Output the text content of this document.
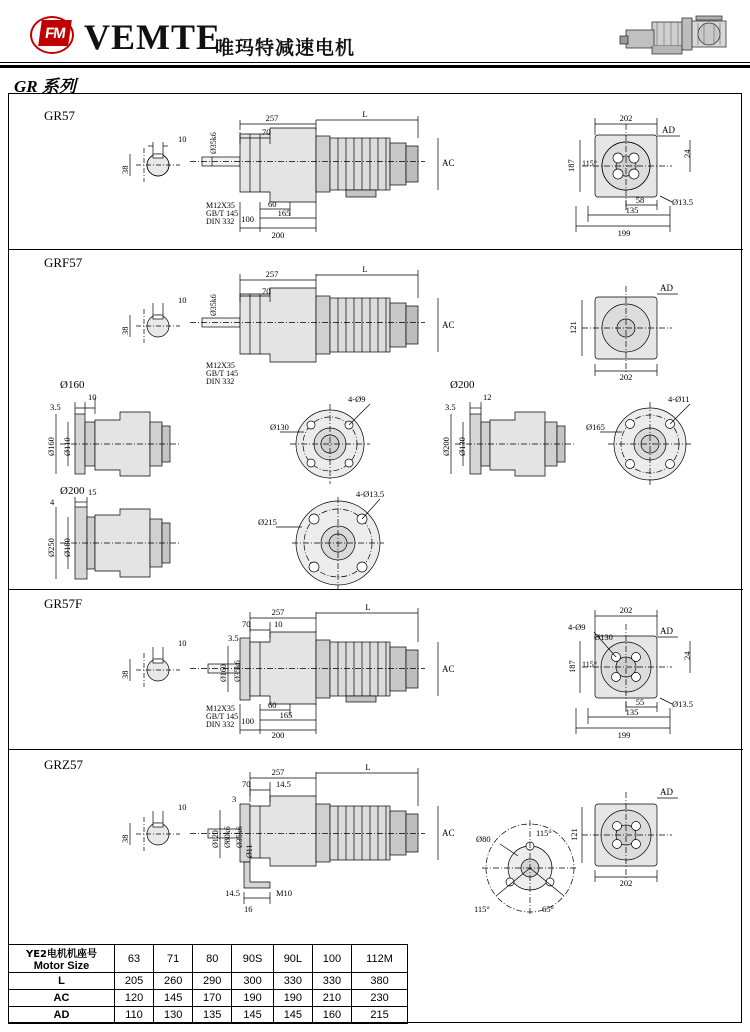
FM VEMTE
唯玛特减速电机
GR 系列
GR57
GRF57
GR57F
GRZ57
10
38
257	L
70
Ø35k6
M12X35
GB/T 145
DIN 332
60
100
165
200
AC
202
AD
187
24
115°
58	Ø13.5
135
199
10
38
257	L
70
Ø35k6
M12X35
GB/T 145
DIN 332
AC
AD
121
202
Ø160	Ø200
Ø200
10
3.5
Ø160 Ø110
4-Ø9
Ø130
12
3.5
Ø200 Ø130
4-Ø11
Ø165
15
4
Ø250 Ø180
4-Ø13.5
Ø215
10
38
257	L
70	10
3.5
Ø160 Ø35k6
M12X35
GB/T 145
DIN 332
60
100
165
200
AC
202
4-Ø9
Ø130
AD
187 115°
24
55	Ø13.5
135
199
10
38
257	L
70	14.5
3
Ø120 Ø80k6 Ø35k6
Ø11
14.5
16
M10
AC
Ø80
115°
115°	65°
AD
121
202
YE2电机机座号
Motor Size	63	71	80	90S	90L	100	112M
L	205	260	290	300	330	330	380
AC	120	145	170	190	190	210	230
AD	110	130	135	145	145	160	215
